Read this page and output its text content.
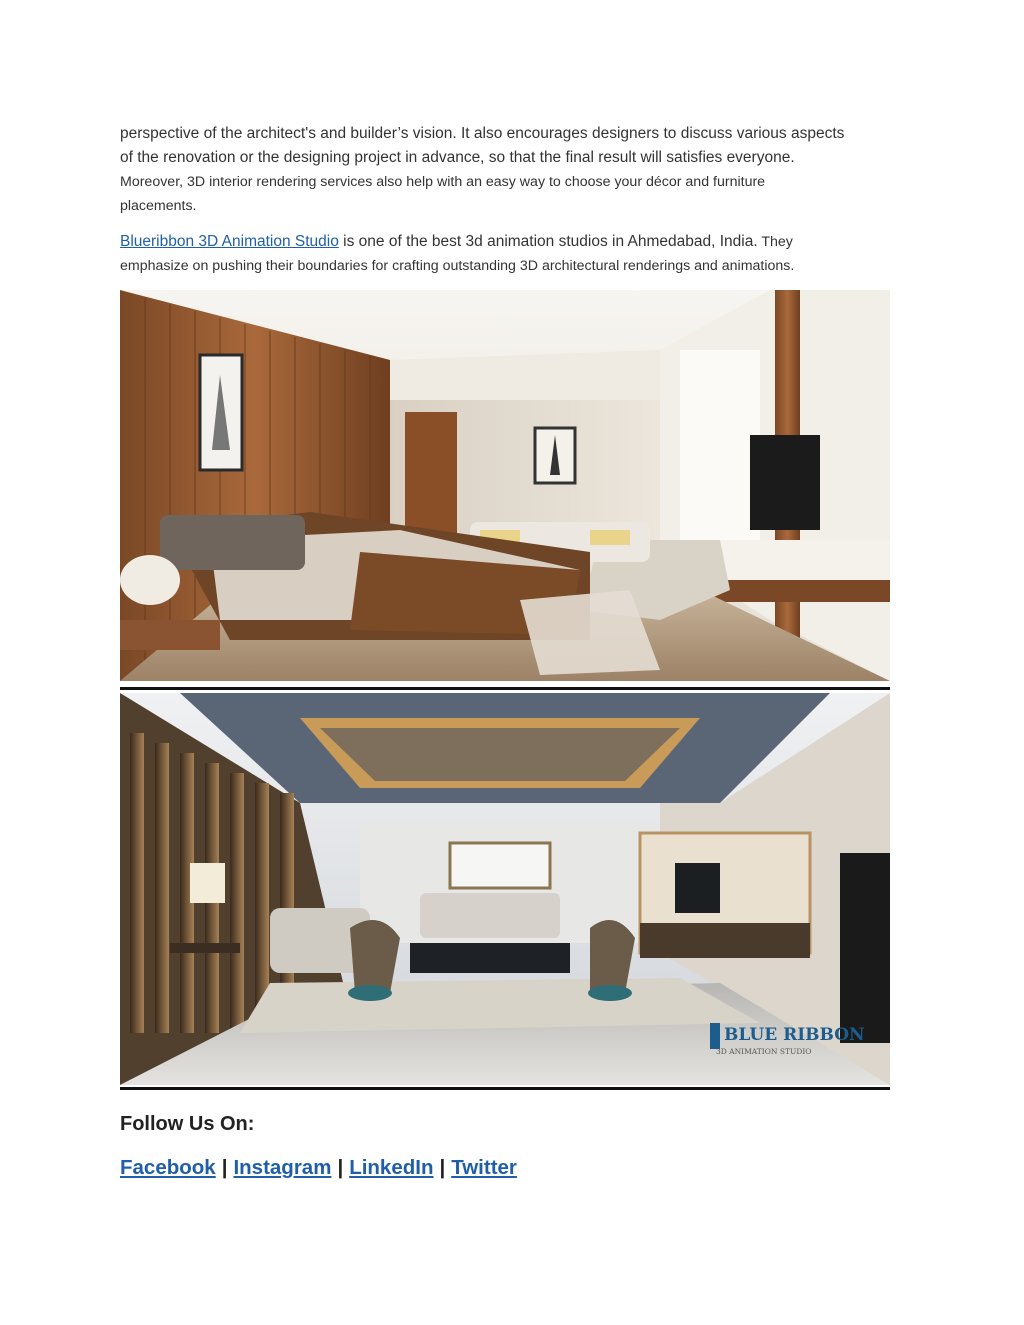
perspective of the architect's and builder’s vision. It also encourages designers to discuss various aspects
of the renovation or the designing project in advance, so that the final result will satisfies everyone.
Moreover, 3D interior rendering services also help with an easy way to choose your décor and furniture
placements.
Blueribbon 3D Animation Studio is one of the best 3d animation studios in Ahmedabad, India. They
emphasize on pushing their boundaries for crafting outstanding 3D architectural renderings and animations.
BLUE RIBBON
3D ANIMATION STUDIO
Follow Us On:
Facebook | Instagram | LinkedIn | Twitter
